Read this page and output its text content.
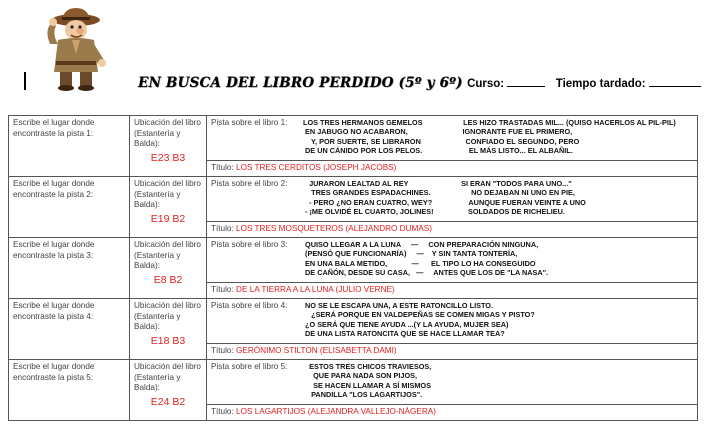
EN BUSCA DEL LIBRO PERDIDO (5º y 6º) Curso:	Tiempo tardado:
Escribe el lugar donde encontraste la pista 1:	Ubicación del libro (Estantería y Balda):
E23 B3	Pista sobre el libro 1: LOS TRES HERMANOS GEMELOS                    LES HIZO TRASTADAS MIL... (QUISO HACERLOS AL PIL-PIL)
EN JABUGO NO ACABARON,                           IGNORANTE FUE EL PRIMERO,
Y, POR SUERTE, SE LIBRARON                      CONFIADO EL SEGUNDO, PERO
DE UN CÁNIDO POR LOS PELOS.                       EL MÁS LISTO... EL ALBAÑIL.
		Título: LOS TRES CERDITOS (JOSEPH JACOBS)
Escribe el lugar donde encontraste la pista 2:	Ubicación del libro (Estantería y Balda):
E19 B2	Pista sobre el libro 2: JURARON LEALTAD AL REY                          SI ERAN "TODOS PARA UNO..."
TRES GRANDES ESPADACHINES.                    NO DEJABAN NI UNO EN PIE,
- PERO ¿NO ERAN CUATRO, WEY?                  AUNQUE FUERAN VEINTE A UNO
- ¡ME OLVIDÉ EL CUARTO, JOLINES!                 SOLDADOS DE RICHELIEU.
		Título: LOS TRES MOSQUETEROS (ALEJANDRO DUMAS)
Escribe el lugar donde encontraste la pista 3:	Ubicación del libro (Estantería y Balda):
E8 B2	Pista sobre el libro 3: QUISO LLEGAR A LA LUNA     —     CON PREPARACIÓN NINGUNA,
(PENSÓ QUE FUNCIONARÍA)     —    Y SIN TANTA TONTERÍA,
EN UNA BALA METIDO,            —      EL TIPO LO HA CONSEGUIDO
DE CAÑÓN, DESDE SU CASA,   —     ANTES QUE LOS DE "LA NASA".
		Título: DE LA TIERRA A LA LUNA (JULIO VERNE)
Escribe el lugar donde encontraste la pista 4:	Ubicación del libro (Estantería y Balda):
E18 B3	Pista sobre el libro 4: NO SE LE ESCAPA UNA, A ESTE RATONCILLO LISTO.
¿SERÁ PORQUE EN VALDEPEÑAS SE COMEN MIGAS Y PISTO?
¿O SERÁ QUE TIENE AYUDA ...(Y LA AYUDA, MUJER SEA)
DE UNA LISTA RATONCITA QUE SE HACE LLAMAR TEA?
		Título: GERÓNIMO STILTON (ELISABETTA DAMI)
Escribe el lugar donde encontraste la pista 5:	Ubicación del libro (Estantería y Balda):
E24 B2	Pista sobre el libro 5: ESTOS TRES CHICOS TRAVIESOS,
QUE PARA NADA SON PIJOS,
SE HACEN LLAMAR A SÍ MISMOS
PANDILLA "LOS LAGARTIJOS".
		Título: LOS LAGARTIJOS (ALEJANDRA VALLEJO-NÁGERA)
